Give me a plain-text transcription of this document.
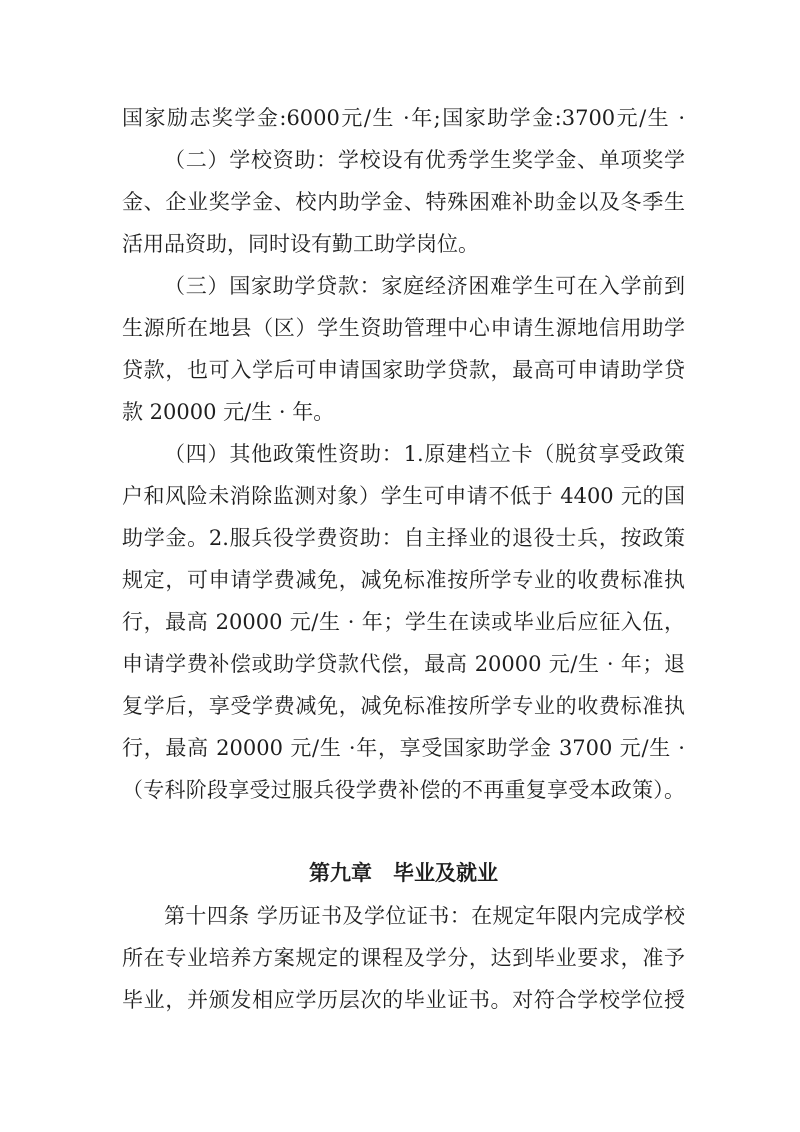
国家励志奖学金:6000元/生 ·年;国家助学金:3700元/生 ·
（二）学校资助：学校设有优秀学生奖学金、单项奖学
金、企业奖学金、校内助学金、特殊困难补助金以及冬季生
活用品资助，同时设有勤工助学岗位。
（三）国家助学贷款：家庭经济困难学生可在入学前到
生源所在地县（区）学生资助管理中心申请生源地信用助学
贷款，也可入学后可申请国家助学贷款，最高可申请助学贷
款 20000 元/生 · 年。
（四）其他政策性资助：1.原建档立卡（脱贫享受政策
户和风险未消除监测对象）学生可申请不低于 4400 元的国
助学金。2.服兵役学费资助：自主择业的退役士兵，按政策
规定，可申请学费减免，减免标准按所学专业的收费标准执
行，最高 20000 元/生 · 年；学生在读或毕业后应征入伍，
申请学费补偿或助学贷款代偿，最高 20000 元/生 · 年；退
复学后，享受学费减免，减免标准按所学专业的收费标准执
行，最高 20000 元/生 ·年，享受国家助学金 3700 元/生 ·
（专科阶段享受过服兵役学费补偿的不再重复享受本政策）。
第九章　毕业及就业
第十四条 学历证书及学位证书：在规定年限内完成学校
所在专业培养方案规定的课程及学分，达到毕业要求，准予
毕业，并颁发相应学历层次的毕业证书。对符合学校学位授
